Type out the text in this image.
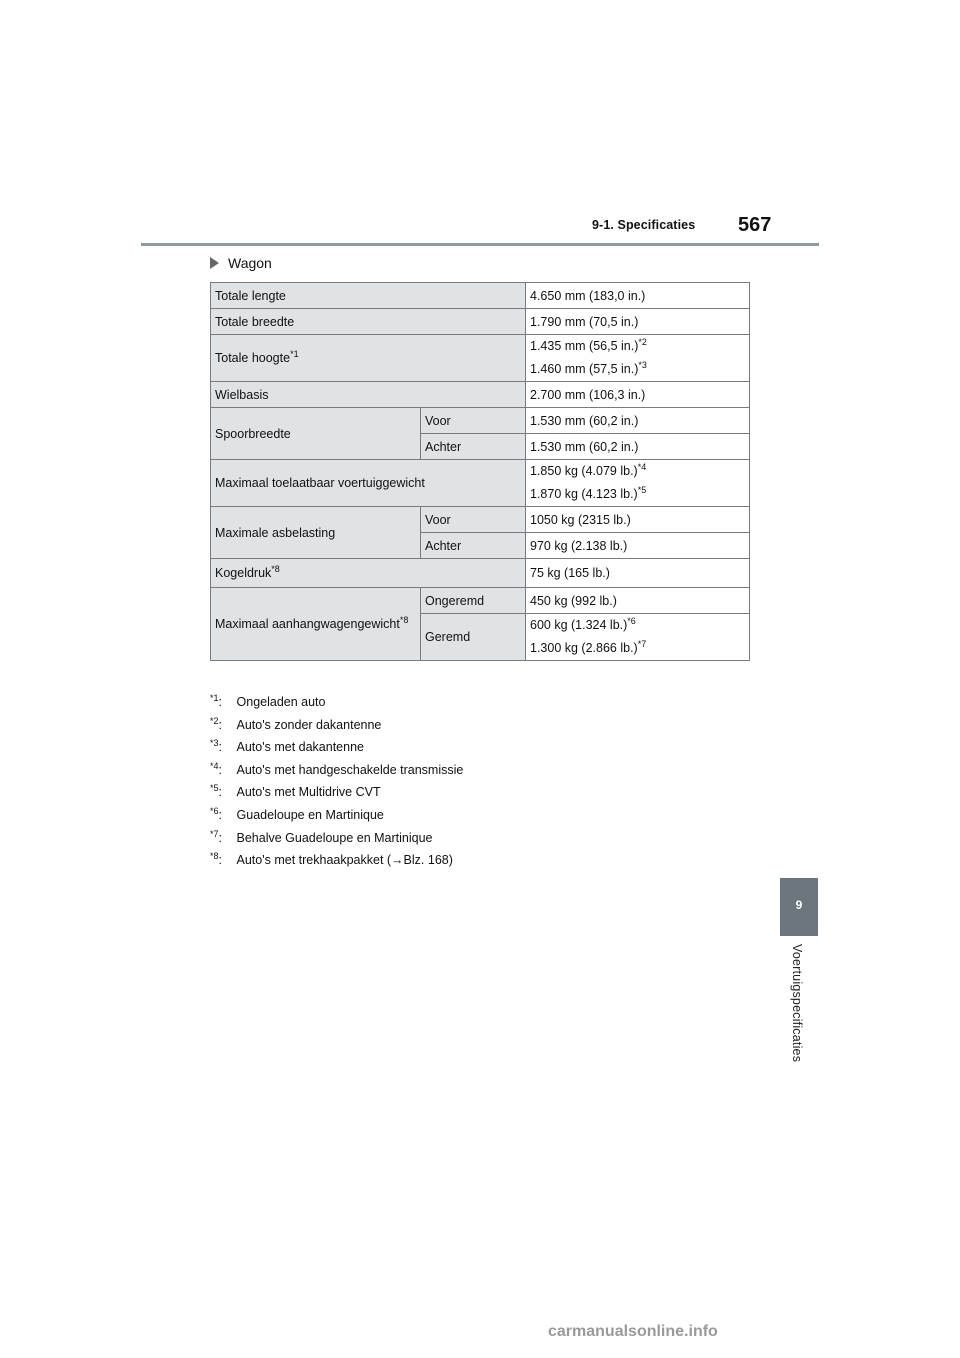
9-1. Specificaties 567
Wagon
Totale lengte		4.650 mm (183,0 in.)
Totale breedte		1.790 mm (70,5 in.)
Totale hoogte$^{*1}$		1.435 mm (56,5 in.)$^{*2}$

1.460 mm (57,5 in.)$^{*3}$

Wielbasis		2.700 mm (106,3 in.)
Spoorbreedte	Voor	1.530 mm (60,2 in.)
	Achter	1.530 mm (60,2 in.)
Maximaal toelaatbaar voertuiggewicht		1.850 kg (4.079 lb.)$^{*4}$

1.870 kg (4.123 lb.)$^{*5}$

Maximale asbelasting	Voor	1050 kg (2315 lb.)
	Achter	970 kg (2.138 lb.)
Kogeldruk$^{*8}$		75 kg (165 lb.)
Maximaal aanhangwagengewicht$^{*8}$	Ongeremd	450 kg (992 lb.)
	Geremd	600 kg (1.324 lb.)$^{*6}$

1.300 kg (2.866 lb.)$^{*7}$

$^{*1}$: Ongeladen auto
$^{*2}$: Auto's zonder dakantenne
$^{*3}$: Auto's met dakantenne
$^{*4}$: Auto's met handgeschakelde transmissie
$^{*5}$: Auto's met Multidrive CVT
$^{*6}$: Guadeloupe en Martinique
$^{*7}$: Behalve Guadeloupe en Martinique
$^{*8}$: Auto's met trekhaakpakket (→Blz. 168)
9
Voertuigspecificaties
carmanualsonline.info
